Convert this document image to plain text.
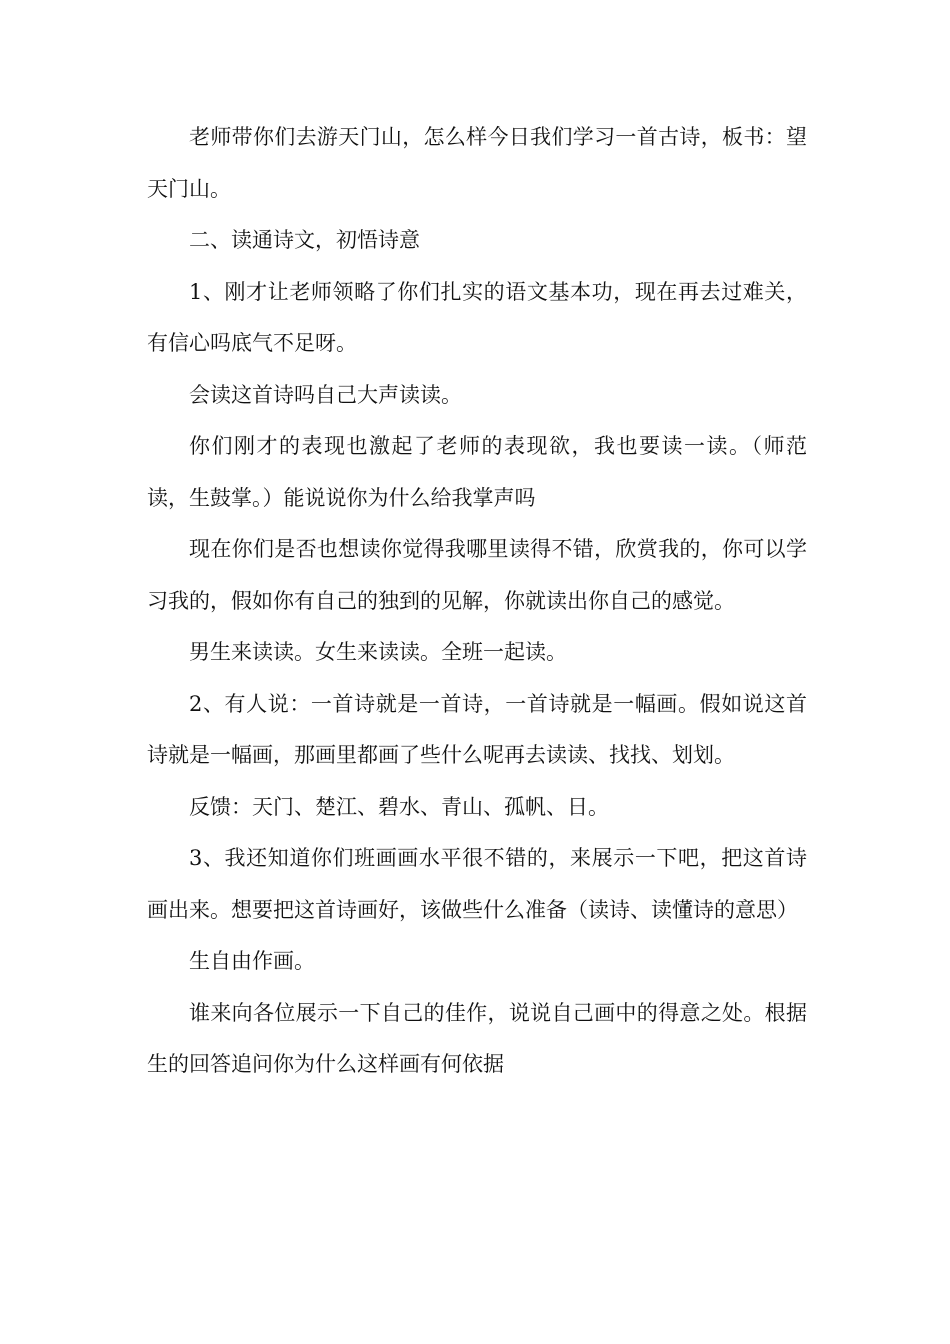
老师带你们去游天门山，怎么样今日我们学习一首古诗，板书：望天门山。

二、读通诗文，初悟诗意

1、刚才让老师领略了你们扎实的语文基本功，现在再去过难关，有信心吗底气不足呀。

会读这首诗吗自己大声读读。

你们刚才的表现也激起了老师的表现欲，我也要读一读。（师范读，生鼓掌。）能说说你为什么给我掌声吗

现在你们是否也想读你觉得我哪里读得不错，欣赏我的，你可以学习我的，假如你有自己的独到的见解，你就读出你自己的感觉。

男生来读读。女生来读读。全班一起读。

2、有人说：一首诗就是一首诗，一首诗就是一幅画。假如说这首诗就是一幅画，那画里都画了些什么呢再去读读、找找、划划。

反馈：天门、楚江、碧水、青山、孤帆、日。

3、我还知道你们班画画水平很不错的，来展示一下吧，把这首诗画出来。想要把这首诗画好，该做些什么准备（读诗、读懂诗的意思）

生自由作画。

谁来向各位展示一下自己的佳作，说说自己画中的得意之处。根据生的回答追问你为什么这样画有何依据
